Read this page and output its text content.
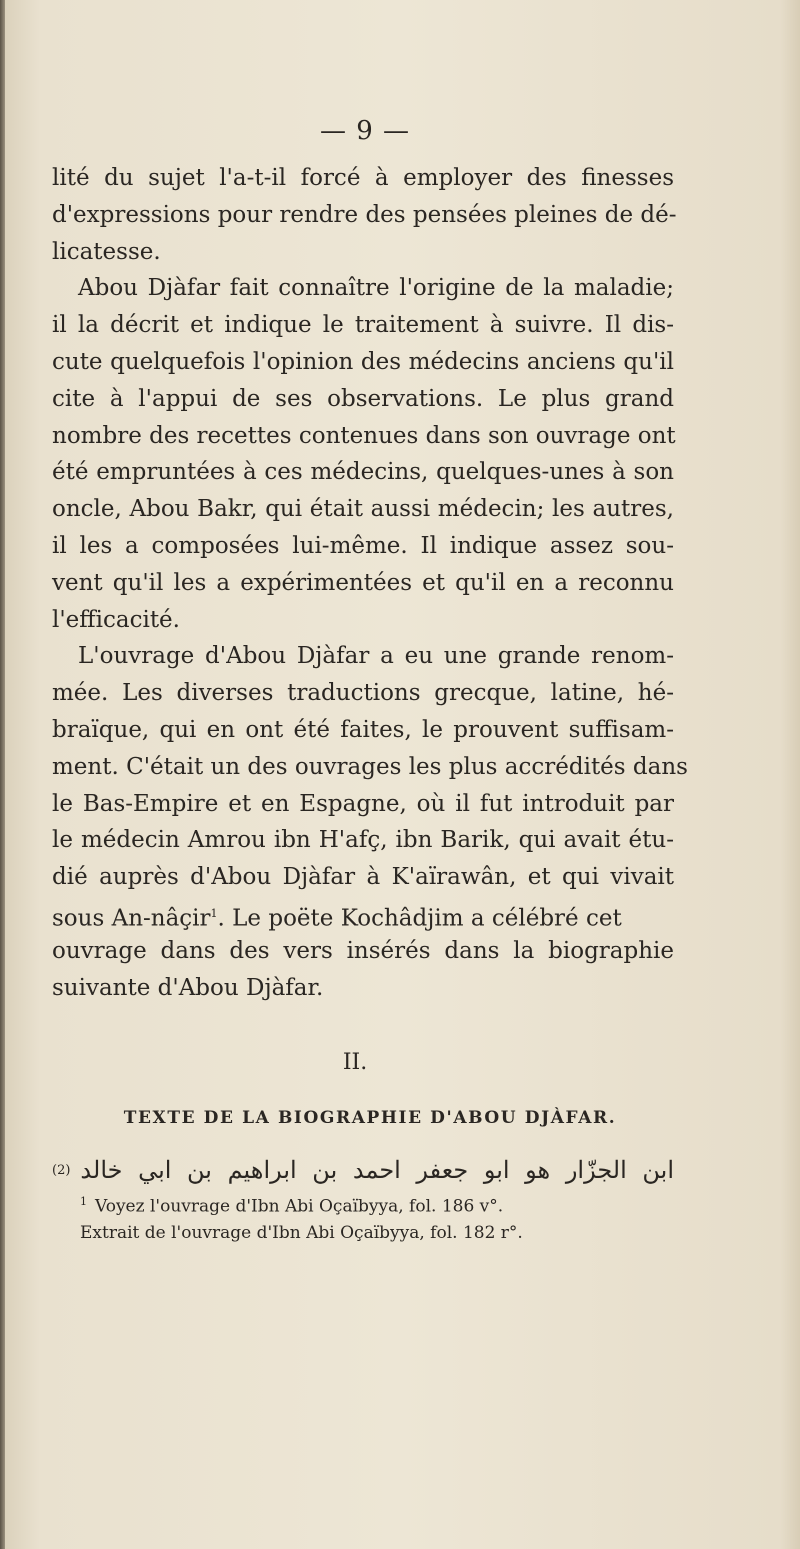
— 9 —
lité du sujet l'a-t-il forcé à employer des finesses
d'expressions pour rendre des pensées pleines de dé-
licatesse.
Abou Djàfar fait connaître l'origine de la maladie;
il la décrit et indique le traitement à suivre. Il dis-
cute quelquefois l'opinion des médecins anciens qu'il
cite à l'appui de ses observations. Le plus grand
nombre des recettes contenues dans son ouvrage ont
été empruntées à ces médecins, quelques-unes à son
oncle, Abou Bakr, qui était aussi médecin; les autres,
il les a composées lui-même. Il indique assez sou-
vent qu'il les a expérimentées et qu'il en a reconnu
l'efficacité.
L'ouvrage d'Abou Djàfar a eu une grande renom-
mée. Les diverses traductions grecque, latine, hé-
braïque, qui en ont été faites, le prouvent suffisam-
ment. C'était un des ouvrages les plus accrédités dans
le Bas-Empire et en Espagne, où il fut introduit par
le médecin Amrou ibn H'afç, ibn Barik, qui avait étu-
dié auprès d'Abou Djàfar à K'aïrawân, et qui vivait
sous An-nâçir$^1$. Le poëte Kochâdjim a célébré cet
ouvrage dans des vers insérés dans la biographie
suivante d'Abou Djàfar.
II.
TEXTE DE LA BIOGRAPHIE D'ABOU DJÀFAR.
(2) ابن الجزّار هو ابو جعفر احمد بن ابراهيم بن ابي خالد
$^1$ Voyez l'ouvrage d'Ibn Abi Oçaïbyya, fol. 186 v°.
Extrait de l'ouvrage d'Ibn Abi Oçaïbyya, fol. 182 r°.
